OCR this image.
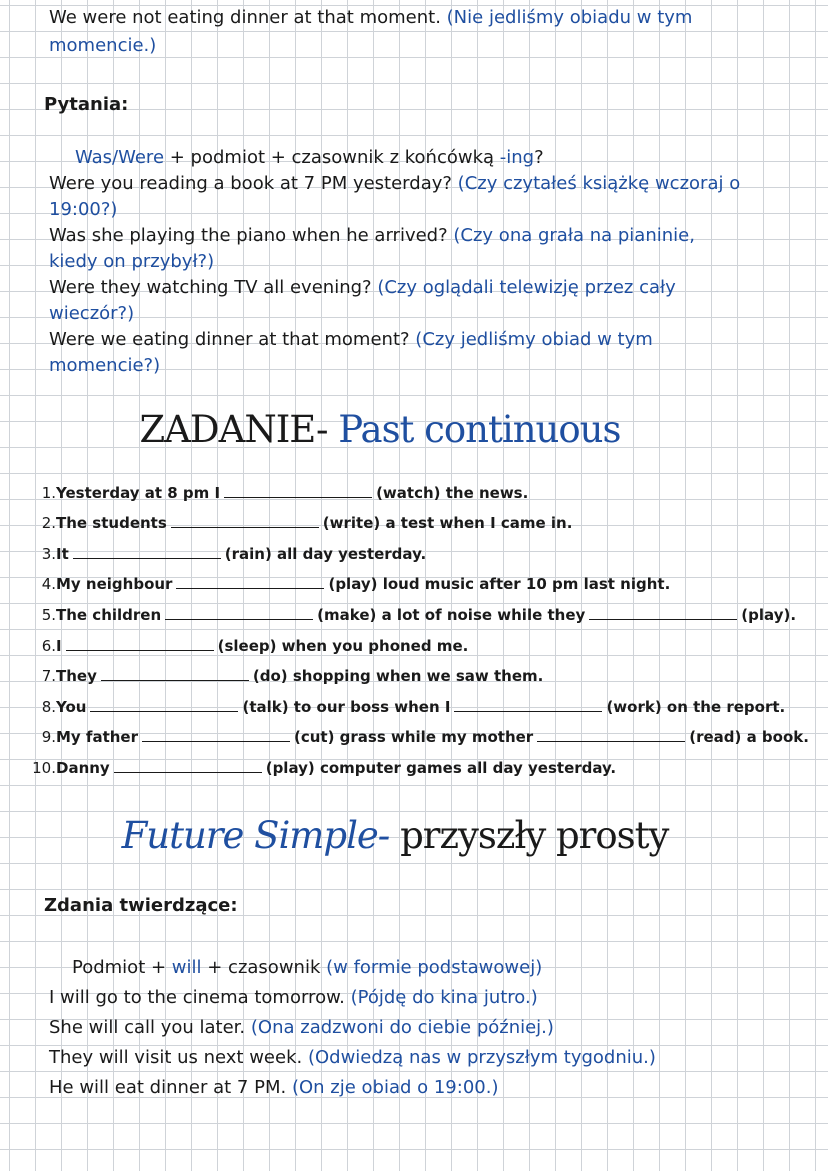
We were not eating dinner at that moment. (Nie jedliśmy obiadu w tym
momencie.)
Pytania:
Was/Were + podmiot + czasownik z końcówką -ing?
Were you reading a book at 7 PM yesterday? (Czy czytałeś książkę wczoraj o
19:00?)
Was she playing the piano when he arrived? (Czy ona grała na pianinie,
kiedy on przybył?)
Were they watching TV all evening? (Czy oglądali telewizję przez cały
wieczór?)
Were we eating dinner at that moment? (Czy jedliśmy obiad w tym
momencie?)
ZADANIE- Past continuous
1.Yesterday at 8 pm I	(watch) the news.
2.The students	(write) a test when I came in.
3.It	(rain) all day yesterday.
4.My neighbour	(play) loud music after 10 pm last night.
5.The children	(make) a lot of noise while they	(play).
6.I	(sleep) when you phoned me.
7.They	(do) shopping when we saw them.
8.You	(talk) to our boss when I	(work) on the report.
9.My father	(cut) grass while my mother	(read) a book.
10.Danny	(play) computer games all day yesterday.
Future Simple- przyszły prosty
Zdania twierdzące:
Podmiot + will + czasownik (w formie podstawowej)
I will go to the cinema tomorrow. (Pójdę do kina jutro.)
She will call you later. (Ona zadzwoni do ciebie później.)
They will visit us next week. (Odwiedzą nas w przyszłym tygodniu.)
He will eat dinner at 7 PM. (On zje obiad o 19:00.)
